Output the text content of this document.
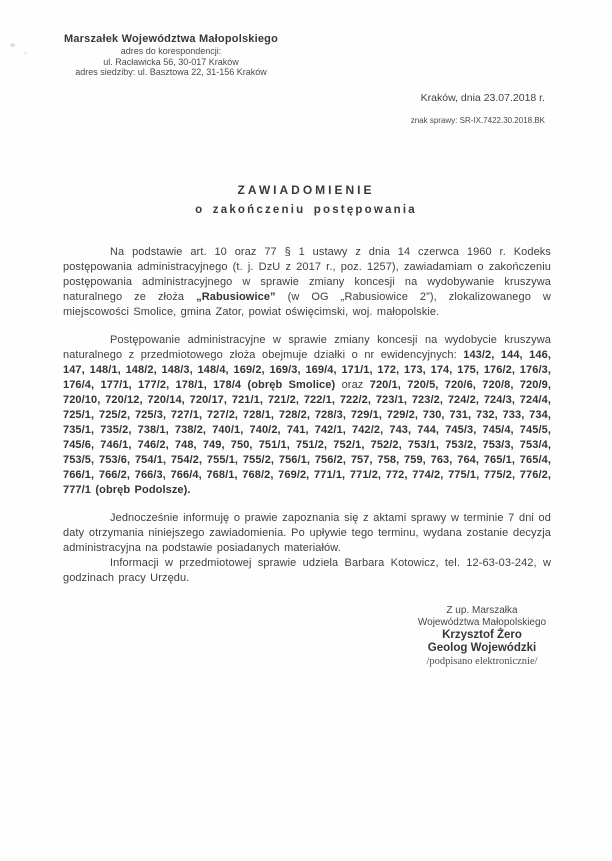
Marszałek Województwa Małopolskiego
adres do korespondencji:
ul. Racławicka 56, 30-017 Kraków
adres siedziby: ul. Basztowa 22, 31-156 Kraków
Kraków, dnia 23.07.2018 r.
znak sprawy: SR-IX.7422.30.2018.BK
ZAWIADOMIENIE
o zakończeniu postępowania

Na podstawie art. 10 oraz 77 § 1 ustawy z dnia 14 czerwca 1960 r. Kodeks postępowania administracyjnego (t. j. DzU z 2017 r., poz. 1257), zawiadamiam o zakończeniu postępowania administracyjnego w sprawie zmiany koncesji na wydobywanie kruszywa naturalnego ze złoża „Rabusiowice” (w OG „Rabusiowice 2”), zlokalizowanego w miejscowości Smolice, gmina Zator, powiat oświęcimski, woj. małopolskie.

Postępowanie administracyjne w sprawie zmiany koncesji na wydobycie kruszywa naturalnego z przedmiotowego złoża obejmuje działki o nr ewidencyjnych: 143/2, 144, 146, 147, 148/1, 148/2, 148/3, 148/4, 169/2, 169/3, 169/4, 171/1, 172, 173, 174, 175, 176/2, 176/3, 176/4, 177/1, 177/2, 178/1, 178/4 (obręb Smolice) oraz 720/1, 720/5, 720/6, 720/8, 720/9, 720/10, 720/12, 720/14, 720/17, 721/1, 721/2, 722/1, 722/2, 723/1, 723/2, 724/2, 724/3, 724/4, 725/1, 725/2, 725/3, 727/1, 727/2, 728/1, 728/2, 728/3, 729/1, 729/2, 730, 731, 732, 733, 734, 735/1, 735/2, 738/1, 738/2, 740/1, 740/2, 741, 742/1, 742/2, 743, 744, 745/3, 745/4, 745/5, 745/6, 746/1, 746/2, 748, 749, 750, 751/1, 751/2, 752/1, 752/2, 753/1, 753/2, 753/3, 753/4, 753/5, 753/6, 754/1, 754/2, 755/1, 755/2, 756/1, 756/2, 757, 758, 759, 763, 764, 765/1, 765/4, 766/1, 766/2, 766/3, 766/4, 768/1, 768/2, 769/2, 771/1, 771/2, 772, 774/2, 775/1, 775/2, 776/2, 777/1 (obręb Podolsze).

Jednocześnie informuję o prawie zapoznania się z aktami sprawy w terminie 7 dni od daty otrzymania niniejszego zawiadomienia. Po upływie tego terminu, wydana zostanie decyzja administracyjna na podstawie posiadanych materiałów.

Informacji w przedmiotowej sprawie udziela Barbara Kotowicz, tel. 12-63-03-242, w godzinach pracy Urzędu.

Z up. Marszałka
Województwa Małopolskiego
Krzysztof Żero
Geolog Wojewódzki
/podpisano elektronicznie/
